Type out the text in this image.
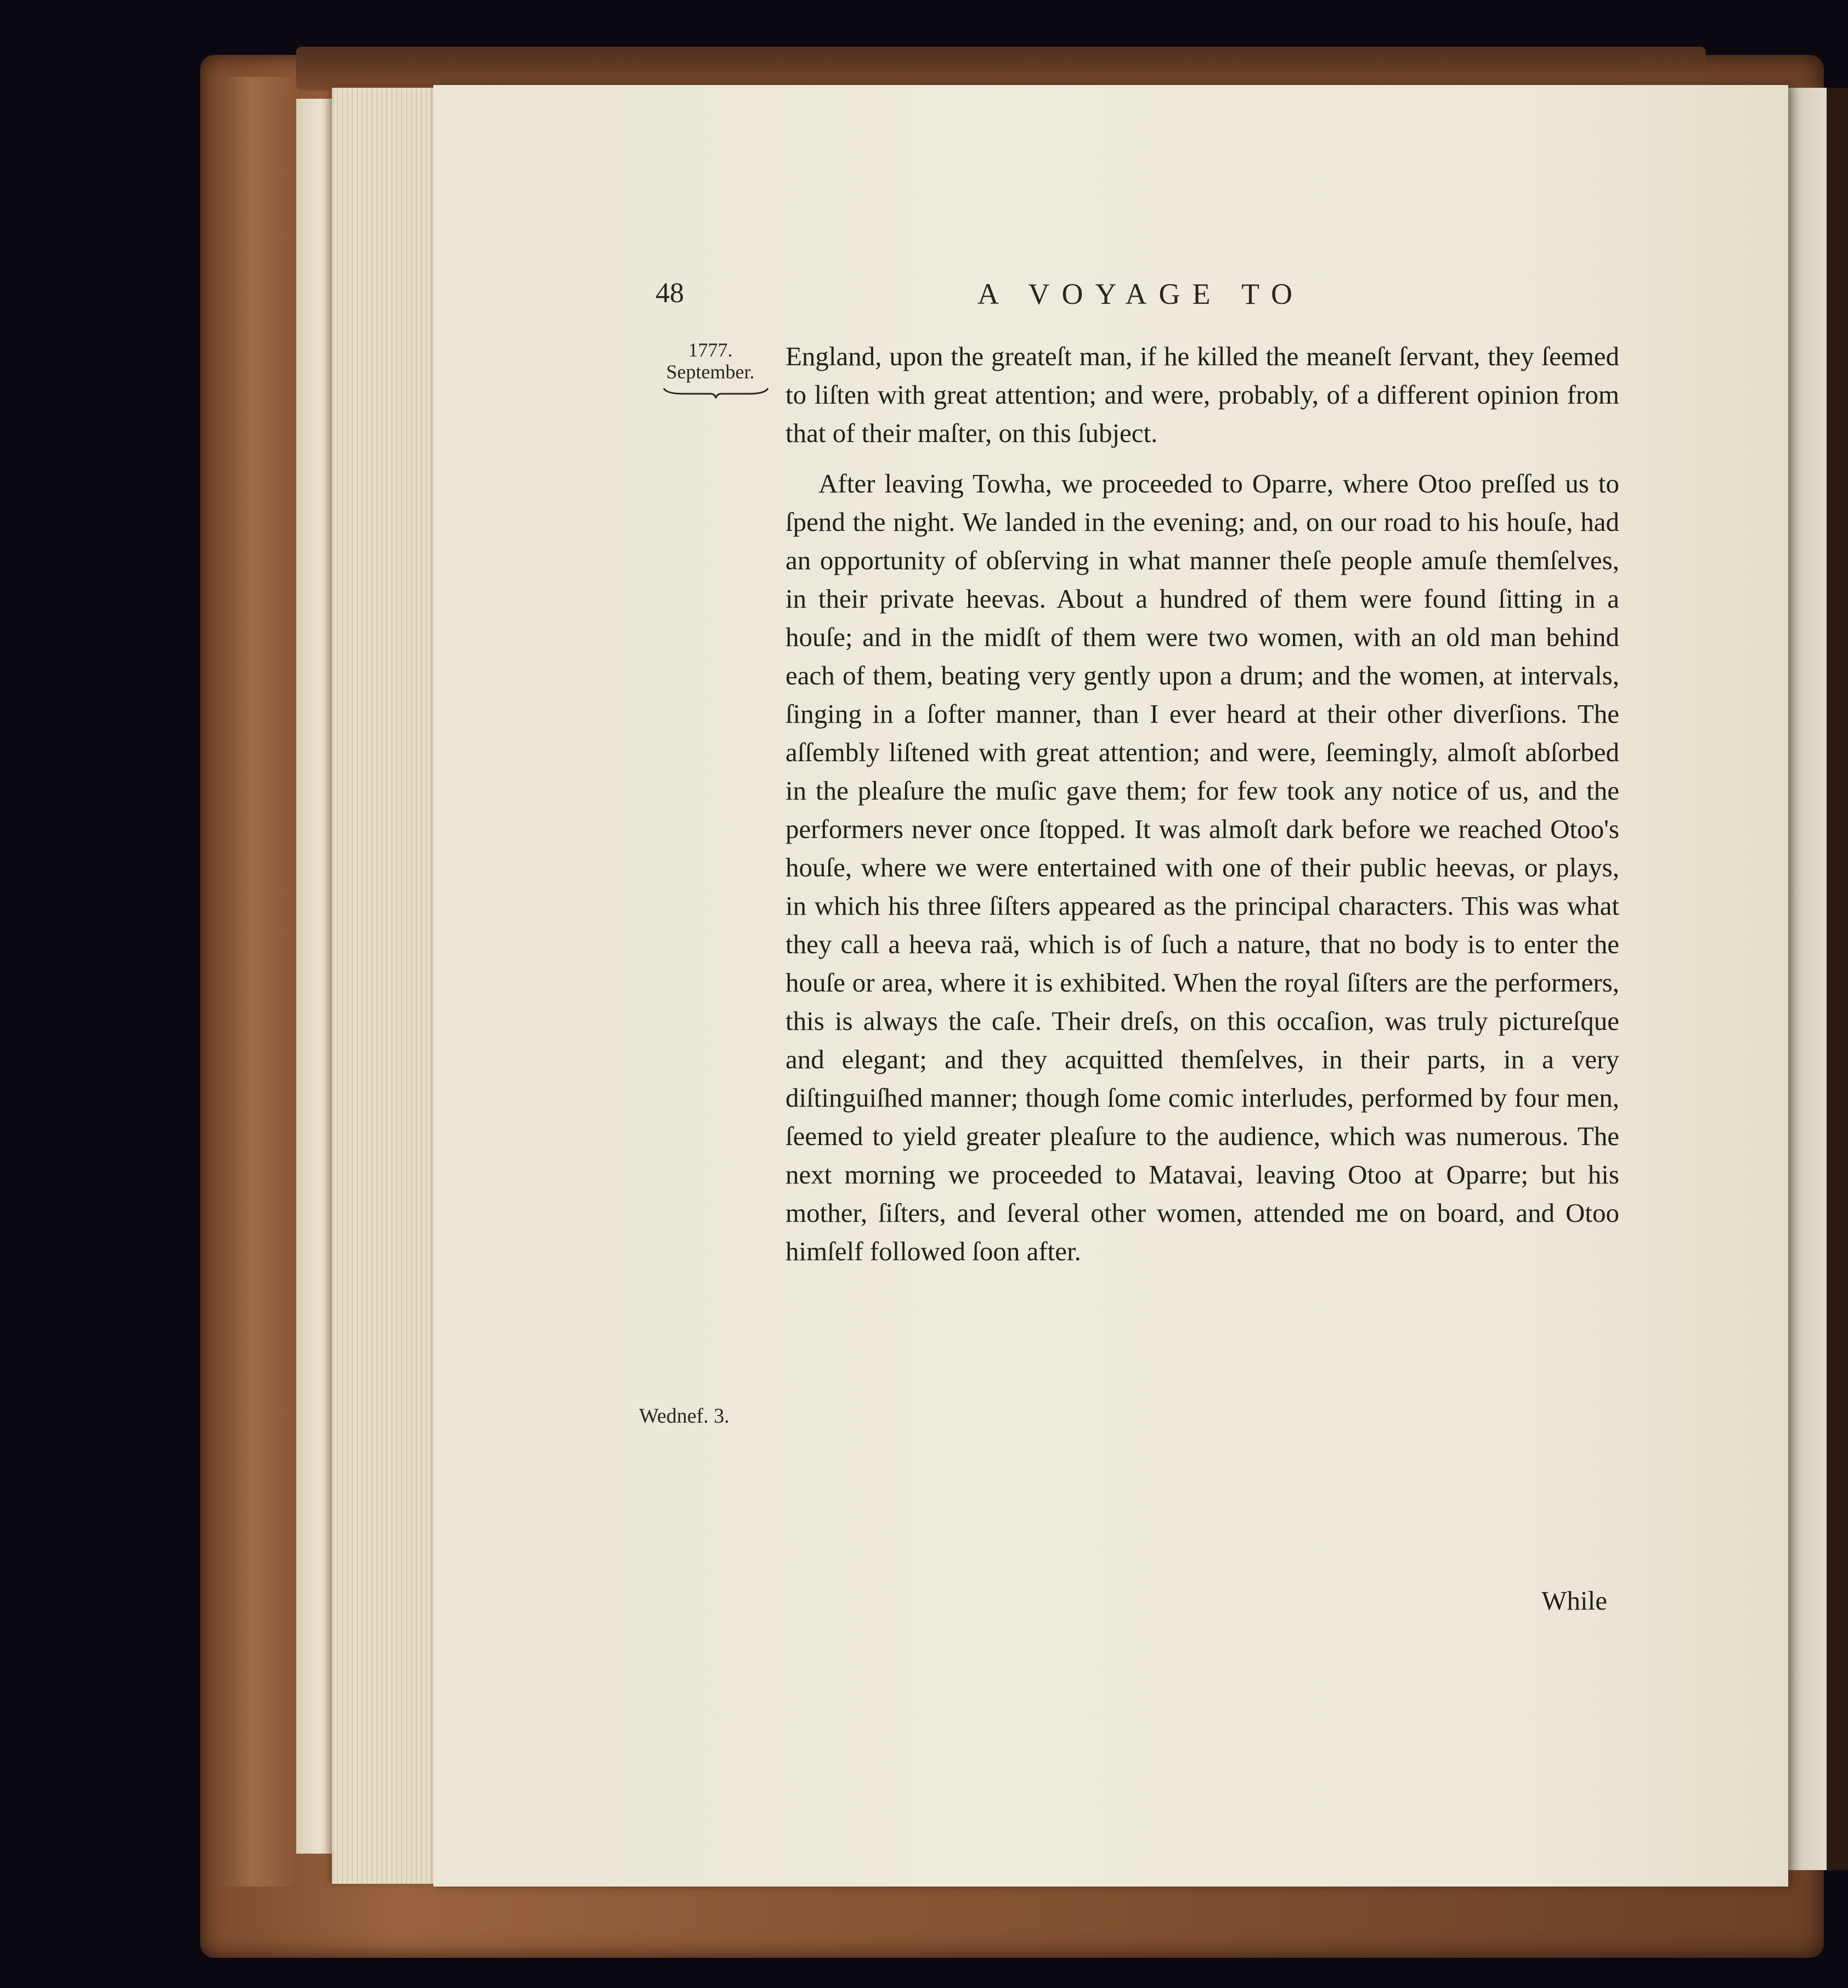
48	A VOYAGE TO
1777.
September.
Wednef. 3.

England, upon the greateſt man, if he killed the meaneſt ſervant, they ſeemed to liſten with great attention; and were, probably, of a different opinion from that of their maſter, on this ſubject.

After leaving Towha, we proceeded to Oparre, where Otoo preſſed us to ſpend the night. We landed in the evening; and, on our road to his houſe, had an opportunity of obſerving in what manner theſe people amuſe themſelves, in their private heevas. About a hundred of them were found ſitting in a houſe; and in the midſt of them were two women, with an old man behind each of them, beating very gently upon a drum; and the women, at intervals, ſinging in a ſofter manner, than I ever heard at their other diverſions. The aſſembly liſtened with great attention; and were, ſeemingly, almoſt abſorbed in the pleaſure the muſic gave them; for few took any notice of us, and the performers never once ſtopped. It was almoſt dark before we reached Otoo's houſe, where we were entertained with one of their public heevas, or plays, in which his three ſiſters appeared as the principal characters. This was what they call a heeva raä, which is of ſuch a nature, that no body is to enter the houſe or area, where it is exhibited. When the royal ſiſters are the performers, this is always the caſe. Their dreſs, on this occaſion, was truly pictureſque and elegant; and they acquitted themſelves, in their parts, in a very diſtinguiſhed manner; though ſome comic interludes, performed by four men, ſeemed to yield greater pleaſure to the audience, which was numerous. The next morning we proceeded to Matavai, leaving Otoo at Oparre; but his mother, ſiſters, and ſeveral other women, attended me on board, and Otoo himſelf followed ſoon after.

While
